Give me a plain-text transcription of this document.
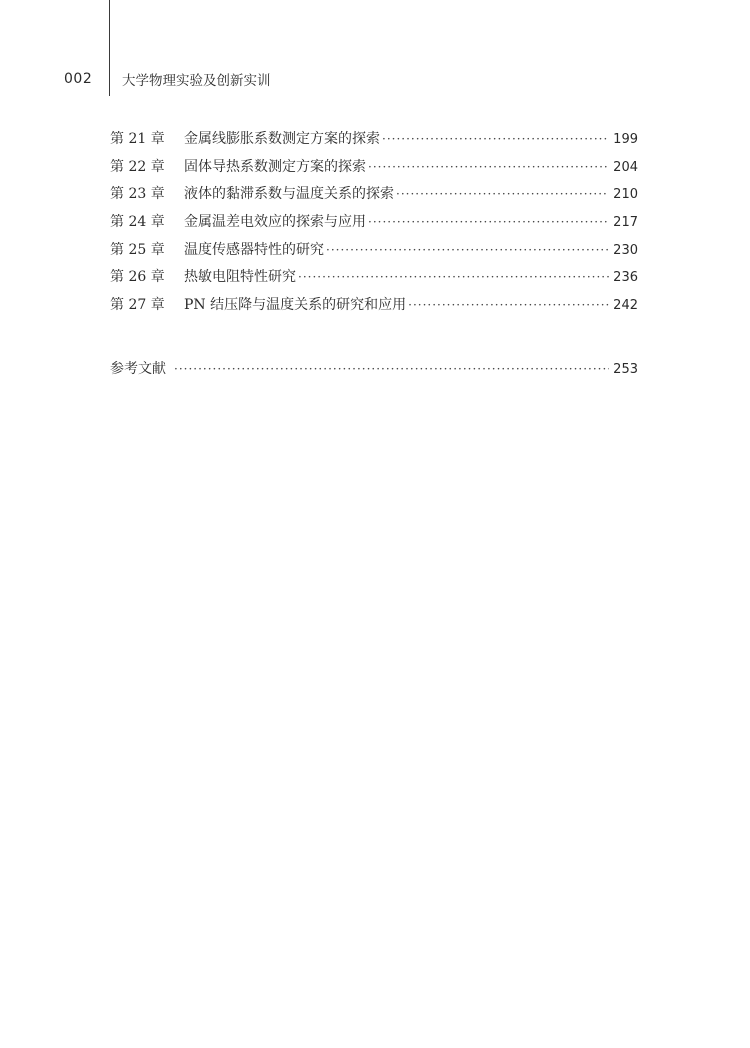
002 大学物理实验及创新实训
第 21 章	金属线膨胀系数测定方案的探索 ·····	199
第 22 章	固体导热系数测定方案的探索 ·····	204
第 23 章	液体的黏滞系数与温度关系的探索 ·····	210
第 24 章	金属温差电效应的探索与应用 ·····	217
第 25 章	温度传感器特性的研究 ·····	230
第 26 章	热敏电阻特性研究 ·····	236
第 27 章	PN 结压降与温度关系的研究和应用 ·····	242
参考文献 ·····	253
